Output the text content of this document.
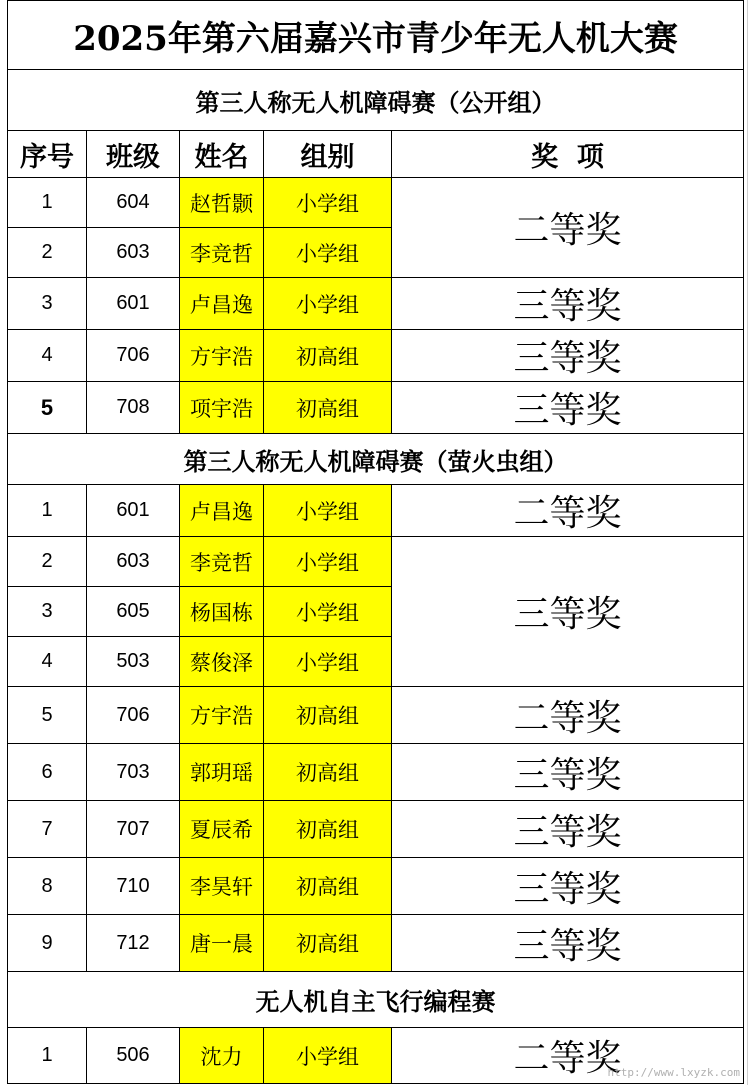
2025年第六届嘉兴市青少年无人机大赛				
第三人称无人机障碍赛（公开组）				
序号	班级	姓名	组别	奖  项
1	604	赵哲颢	小学组	二等奖
2	603	李竞哲	小学组	
3	601	卢昌逸	小学组	三等奖
4	706	方宇浩	初高组	三等奖
5	708	项宇浩	初高组	三等奖
第三人称无人机障碍赛（萤火虫组）				
1	601	卢昌逸	小学组	二等奖
2	603	李竞哲	小学组	三等奖
3	605	杨国栋	小学组	
4	503	蔡俊泽	小学组	
5	706	方宇浩	初高组	二等奖
6	703	郭玥瑶	初高组	三等奖
7	707	夏辰希	初高组	三等奖
8	710	李昊轩	初高组	三等奖
9	712	唐一晨	初高组	三等奖
无人机自主飞行编程赛				
1	506	沈力	小学组	二等奖
http://www.lxyzk.com
